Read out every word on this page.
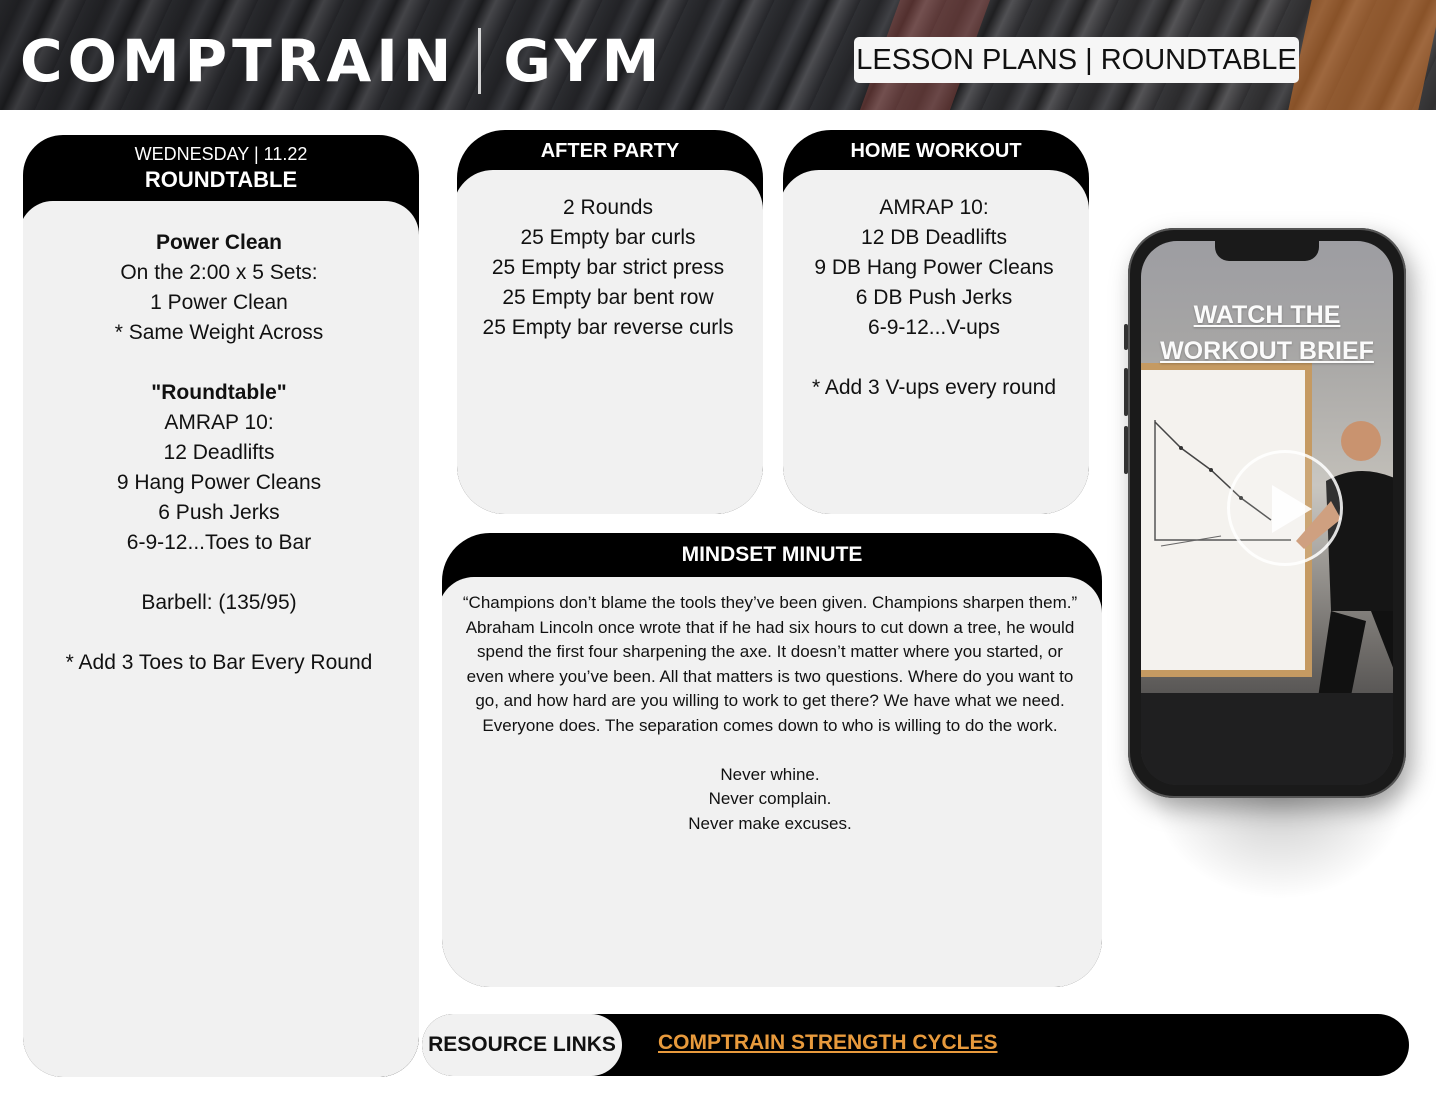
COMPTRAIN GYM	LESSON PLANS | ROUNDTABLE
WEDNESDAY | 11.22
ROUNDTABLE
Power Clean
On the 2:00 x 5 Sets:
1 Power Clean
* Same Weight Across
"Roundtable"
AMRAP 10:
12 Deadlifts
9 Hang Power Cleans
6 Push Jerks
6-9-12...Toes to Bar
Barbell: (135/95)
* Add 3 Toes to Bar Every Round
AFTER PARTY
2 Rounds
25 Empty bar curls
25 Empty bar strict press
25 Empty bar bent row
25 Empty bar reverse curls
HOME WORKOUT
AMRAP 10:
12 DB Deadlifts
9 DB Hang Power Cleans
6 DB Push Jerks
6-9-12...V-ups
* Add 3 V-ups every round
MINDSET MINUTE
“Champions don’t blame the tools they’ve been given. Champions sharpen them.”
Abraham Lincoln once wrote that if he had six hours to cut down a tree, he would spend the first four sharpening the axe. It doesn’t matter where you started, or even where you’ve been. All that matters is two questions. Where do you want to go, and how hard are you willing to work to get there? We have what we need. Everyone does. The separation comes down to who is willing to do the work.
Never whine.
Never complain.
Never make excuses.
RESOURCE LINKS COMPTRAIN STRENGTH CYCLES
WATCH THE
WORKOUT BRIEF
